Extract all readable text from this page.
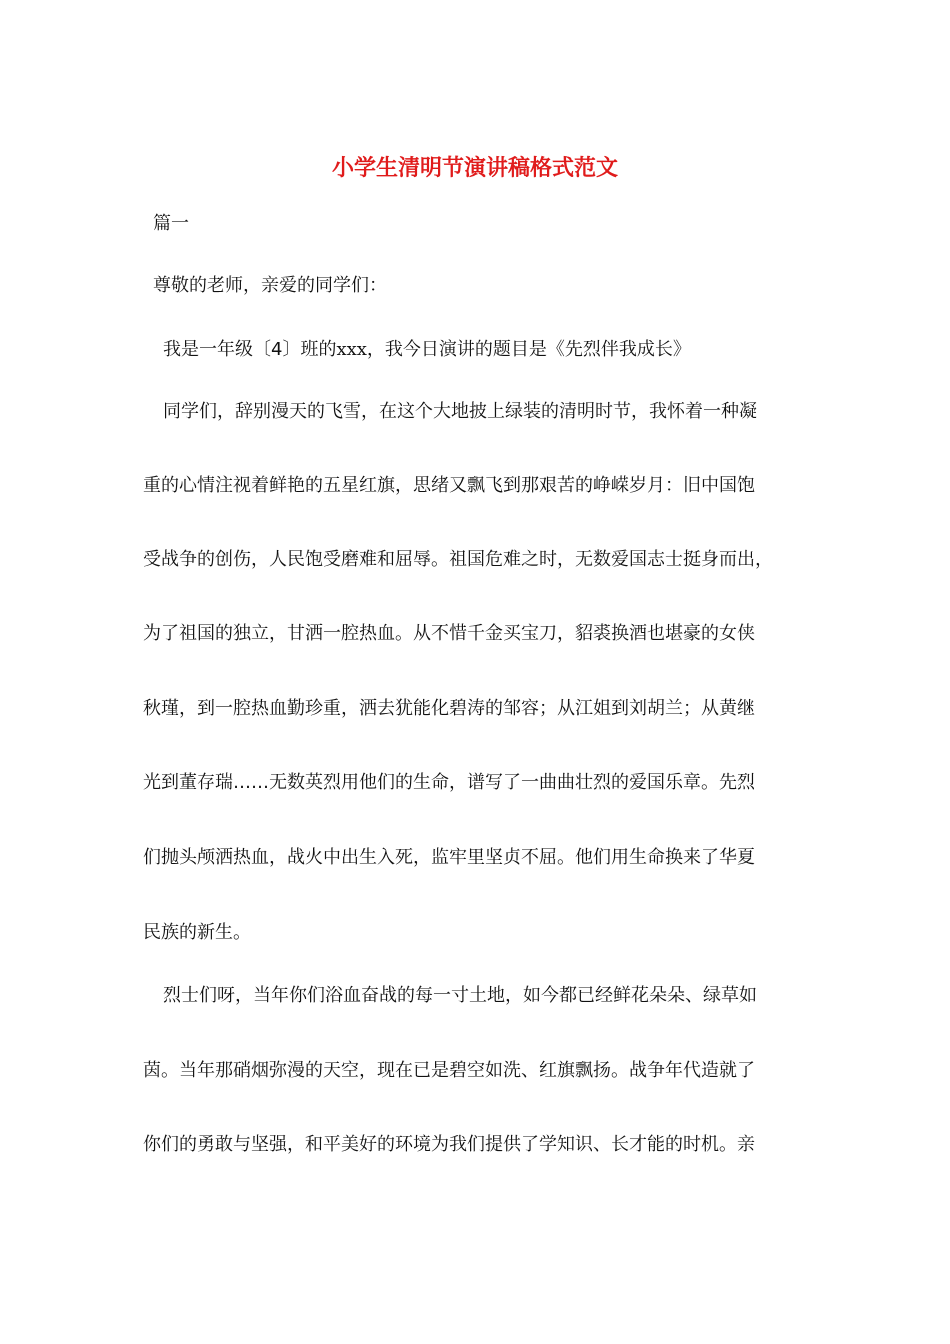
小学生清明节演讲稿格式范文
篇一
尊敬的老师，亲爱的同学们：
我是一年级〔4〕班的xxx，我今日演讲的题目是《先烈伴我成长》
同学们，辞别漫天的飞雪，在这个大地披上绿装的清明时节，我怀着一种凝
重的心情注视着鲜艳的五星红旗，思绪又飘飞到那艰苦的峥嵘岁月：旧中国饱
受战争的创伤，人民饱受磨难和屈辱。祖国危难之时，无数爱国志士挺身而出，
为了祖国的独立，甘洒一腔热血。从不惜千金买宝刀，貂裘换酒也堪豪的女侠
秋瑾，到一腔热血勤珍重，洒去犹能化碧涛的邹容；从江姐到刘胡兰；从黄继
光到董存瑞……无数英烈用他们的生命，谱写了一曲曲壮烈的爱国乐章。先烈
们抛头颅洒热血，战火中出生入死，监牢里坚贞不屈。他们用生命换来了华夏
民族的新生。
烈士们呀，当年你们浴血奋战的每一寸土地，如今都已经鲜花朵朵、绿草如
茵。当年那硝烟弥漫的天空，现在已是碧空如洗、红旗飘扬。战争年代造就了
你们的勇敢与坚强，和平美好的环境为我们提供了学知识、长才能的时机。亲
